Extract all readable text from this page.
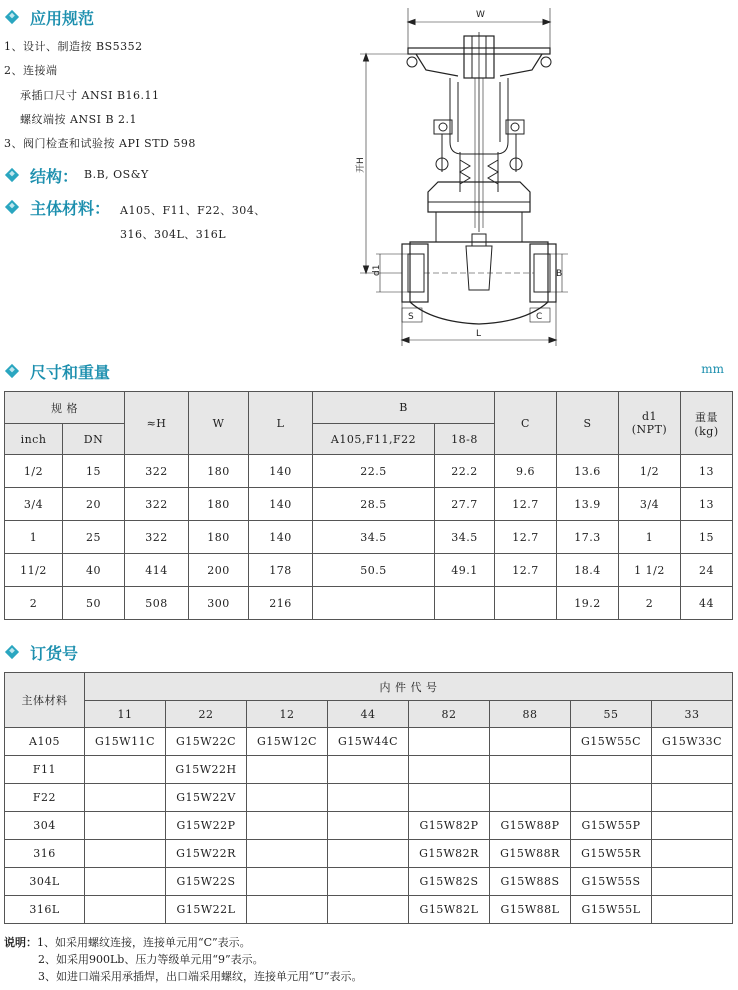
应用规范
1、设计、制造按 BS5352
2、连接端
承插口尺寸 ANSI B16.11
螺纹端按 ANSI B 2.1
3、阀门检查和试验按 API STD 598
结构： B.B, OS&Y
主体材料： A105、F11、F22、304、
316、304L、316L
W
开H
d1	B
S	C
L
尺寸和重量	mm
规 格		≈H	W	L	B		C	S	d1
(NPT)	重量
(kg)
inch	DN				A105,F11,F22	18-8				
1/2	15	322	180	140	22.5	22.2	9.6	13.6	1/2	13
3/4	20	322	180	140	28.5	27.7	12.7	13.9	3/4	13
1	25	322	180	140	34.5	34.5	12.7	17.3	1	15
11/2	40	414	200	178	50.5	49.1	12.7	18.4	1 1/2	24
2	50	508	300	216				19.2	2	44
订货号
主体材料	内 件 代 号							
	11	22	12	44	82	88	55	33
A105	G15W11C	G15W22C	G15W12C	G15W44C			G15W55C	G15W33C
F11		G15W22H						
F22		G15W22V						
304		G15W22P			G15W82P	G15W88P	G15W55P	
316		G15W22R			G15W82R	G15W88R	G15W55R	
304L		G15W22S			G15W82S	G15W88S	G15W55S	
316L		G15W22L			G15W82L	G15W88L	G15W55L	
说明：1、如采用螺纹连接，连接单元用“C”表示。
2、如采用900Lb、压力等级单元用“9”表示。
3、如进口端采用承插焊，出口端采用螺纹，连接单元用“U”表示。
